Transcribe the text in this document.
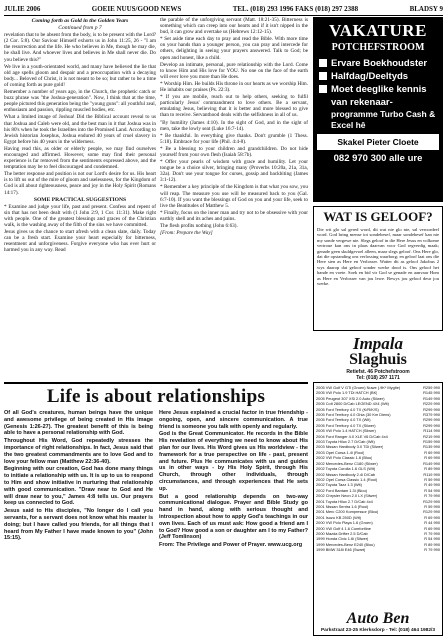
JULIE 2006	GOEIE NUUS/GOOD NEWS	TEL. (018) 293 1996 FAKS (018) 297 2388	BLADSY 9
Coming forth as Gold in the Golden Years
Continued from p 7

revelation that to be absent from the body, is to be present with the Lord? (2 Cor. 5:8). Our Saviour Himself exhorts us in John 11:25, 26 - "I am the resurrection and the life. He who believes in Me, though he may die, he shall live. And whoever lives and believes in Me shall never die. Do you believe this?"

We live in a youth-orientated world, and many have believed the lie that old age spells gloom and despair and a preoccupation with a decaying body... Beloved of Christ, it is not meant to be so; but rather to be a time of coming forth as pure gold!

Remember a number of years ago, in the Church, the prophetic catch or buzz phrase was "the Joshua-generation". Now, I think that at the time, people pictured this generation being the "young guns": all youthful zeal, enthusiasm and passion, rippling muscled bodies, etc.

What a limited image of Joshua! Did the Biblical account reveal to us that Joshua and Caleb were old, and the best man in it that Joshua was in his 80's when he took the Israelites into the Promised Land. According to Jewish historian Josephus, Joshua endured 40 years of cruel slavery in Egypt before his 40 years in the wilderness.

Having read this, as older or elderly people, we may find ourselves encouraged and affirmed. However, some may find their personal experience is far removed from the sentiments expressed above, and the temptation may be to feel discouraged and condemned.

The better response and position is not our Lord's desire for us. His heart is to lift us out of the mire of gloom and uselessness, for the Kingdom of God is all about righteousness, peace and joy in the Holy Spirit (Romans 14:17).

SOME PRACTICAL SUGGESTIONS

* Examine and judge your life, past and present. Confess and repent of sin that has not been dealt with (1 John 2:9, 1 Cor. 11:31). Make right with people. One of the greatest blessings and graces of the Christian walk, is the washing away of the filth of the sins we have committed.

Jesus gives us the chance to start afresh with a clean slate, daily. Today can be a fresh start. Examine your heart especially for bitterness, resentment and unforgiveness. Forgive everyone who has ever hurt or harmed you in any way. Read

the parable of the unforgiving servant (Matt. 18:21-35). Bitterness is something which can creep into our hearts and if it isn't nipped in the bud, it can grow and overtake us (Hebrews 12:12-15).

* Set aside time each day to pray and read the Bible. With more time on your hands than a younger person, you can pray and intercede for others, delighting in seeing your prayers answered. Talk to God; be open and honest, like a child.

Develop an intimate, personal, pure relationship with the Lord. Come to know Him and His love for YOU. No one on the face of the earth will ever love you more than He does.

* Worship Him. He builds His throne in our hearts as we worship Him. He inhabits our praises (Ps. 22:3).

* If you are mobile, reach out to help others, seeking to fulfil particularly Jesus' commandment to love others. Be a servant, emulating Jesus, believing that it is better and more blessed to give than to receive. Servanthood deals with the selfishness in all of us.

"By humility (James 4:10). In the sight of God, and in the sight of men, take the lowly seat (Luke 16:7-14).

* Be thankful. In everything give thanks. Don't grumble (1 Thess. 5:18). Embrace for your life (Phil. 4:4-8).

* Be a blessing to your children and grandchildren. Do not hide yourself from your own flesh (Isaiah 58:7b).

* Offer your pearls of wisdom with grace and humility. Let your tongue be a choice silver, bringing many (Proverbs 10:20a, 21a, 31a, 32a). Don't use your tongue for curses, gossip and backbiting (James 3:1-12).

* Remember a key principle of the Kingdom is that what you sow, you will reap. The measure you use will be measured back to you (Gal. 6:7-10). If you want the blessings of God on you and your life, seek to live the Beatitudes of Matthew 5.

* Finally, focus on the inner man and try not to be obsessive with your earthly shell and its aches and pains.

The flesh profits nothing (John 6:63).

[From: Prepare the Way]

VAKATURE
POTCHEFSTROOM
Ervare Boekhoudster
Halfdag/Deeltyds
Moet deeglike kennis van rekenaar-
programme Turbo Cash & Excel hê
Skakel Pieter Cloete
082 970 300 alle ure
WAT IS GELOOF?
Die wit glo sal gered word, dit wat nie glo nie, sal veroordeel word. God bring mense tot sondebesef, maar sondebesef kan nie my sonde vergewe nie. Slegs geloof in die Here Jesus en volkome vertroue kan ons in plaas daarvan voor God regverdig maak; genade geen skuldgevoel alleen, maar slegs geloof. Ons Here glo, dat die opstanding ons verlossing waarborg; en geloof laat ons die Here sien as Here en Verlosser. Watter dit as geloof Jakobus 2 wys daarop dat geloof sonder werke dood is. Ons geloof het hande en voete. Soek en bid vir God se genade en aanvaar Hom as Here en Verlosser van jou lewe. Bewys jou geloof deur jou werke.
Impala
Slaghuis
Retiefst. 46 Potchefstroom
Tel: (018) 297 1171
Life is about relationships

Of all God's creatures, human beings have the unique and awesome privilege of being created in His image (Genesis 1:26-27). The greatest benefit of this is being able to have a personal relationship with God.

Throughout His Word, God repeatedly stresses the importance of right relationships. In fact, Jesus said that the two greatest commandments are to love God and to love your fellow man (Matthew 22:36-40).

Beginning with our creation, God has done many things to initiate a relationship with us. It is up to us to respond to Him and show initiative in nurturing that relationship with good communication. "Draw near to God and He will draw near to you," James 4:8 tells us. Our prayers keep us connected to God.

Jesus said to His disciples, "No longer do I call you servants, for a servant does not know what his master is doing; but I have called you friends, for all things that I heard from My Father I have made known to you" (John 15:15).

Here Jesus explained a crucial factor in true friendship - ongoing, open, and sincere communication. A true friend is someone you talk with openly and regularly.

God is the Great Communicator. He records in the Bible His revelation of everything we need to know about His plan for our lives. His Word gives us His worldview - the framework for a true perspective on life - past, present and future. Plus He communicates with us and guides us in other ways - by His Holy Spirit, through His Church, through other individuals, through circumstances, and through experiences that He sets up.

But a good relationship depends on two-way communicational dialogue. Prayer and Bible Study go hand in hand, along with serious thought and introspection about how to apply God's teachings in our own lives. Each of us must ask: How good a friend am I to God? How good a son or daughter am I to my Father? (Jeff Tomlinson)

From: The Privilege and Power of Prayer. www.ucg.org

2005 VW Golf V GTi (Groen) Nuwe (.9K* Myglte)	R259 990
2005 VW Polo 1.9 TDi HATCH (BK)	R145 990
2005 Peugeot 307 XSi 2.0 Auto (Silwer)	R149 990
2005 Colt 2800 D/Cab LEGEND 4X4 (Wit)	R229 990
2005 Ford Territory 4.0 TX (K/R/K/S)	R299 990
2005 Ford Territory 4.0 Ghia (30 Km Diens)	R379 990
2005 Ford Territory 4.0 TX (Wit)	R299 990
2005 Ford Territory 4.0 TX (Silwer)	R299 990
2005 VW Polo 1.4 HATCH (Silwer)	R114 990
2004 Ford Ranger 4.0 XLE V6 D/Cab 4x4	R219 990
2003 Toyota Hilux 2.7 D/Cab (Wit)	R159 990
2003 Nissan Hardbody 3.0 TDi (Silwer)	R139 990
2003 Opel Corsa 1.4i (Rooi)	R 69 990
2002 VW Polo Classic 1.6 (Blou)	R 69 990
2002 Mercedes-Benz C180 (Silwer)	R149 990
2002 Toyota Corolla 1.6 GLS (Wit)	R 89 990
2002 Nissan Hardbody 2.4i D/Cab	R119 990
2002 Opel Corsa Classic 1.4 (Rooi)	R 59 990
2002 Toyota Tazz 1.3 (Wit)	R 49 990
2002 Ford Bantam 1.3i (Blou)	R 54 990
2002 Chrysler Neon 2.0 LX (Silwer)	R 79 990
2001 Toyota Hilux 2.7 D/Cab 4x4	R129 990
2001 Nissan Sentra 1.6 (Rooi)	R 59 990
2001 Merc C200 Kompressor (Blou)	R129 990
2001 Isuzu KB 250D (Wit)	R 69 990
2000 VW Polo Playa 1.6 (Groen)	R 44 990
2000 VW Golf 4 1.6 Comfortline	R 69 990
2000 Mazda Drifter 2.5 D/Cab	R 79 990
1999 Honda Civic 1.6i (Silwer)	R 54 990
1999 Mercedes-Benz E240 (Blou)	R 89 990
1999 BMW 318i E46 (Swart)	R 79 990
Auto Ben
Parkstraat 23-25 Klerksdorp - Tel: (018) 464 1982/3
